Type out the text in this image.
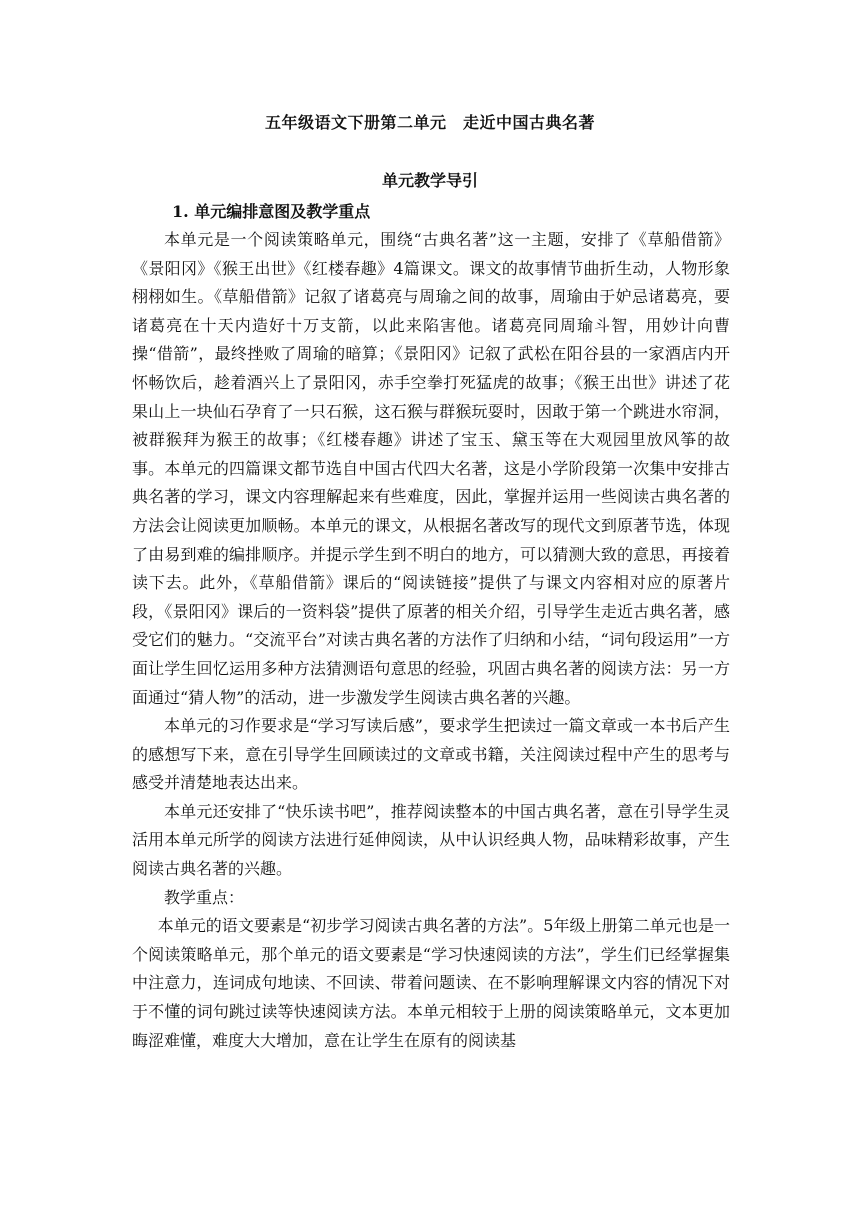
五年级语文下册第二单元　走近中国古典名著
单元教学导引
1. 单元编排意图及教学重点

本单元是一个阅读策略单元，围绕“古典名著”这一主题，安排了《草船借箭》《景阳冈》《猴王出世》《红楼春趣》4篇课文。课文的故事情节曲折生动，人物形象栩栩如生。《草船借箭》记叙了诸葛亮与周瑜之间的故事，周瑜由于妒忌诸葛亮，要诸葛亮在十天内造好十万支箭，以此来陷害他。诸葛亮同周瑜斗智，用妙计向曹操“借箭”，最终挫败了周瑜的暗算；《景阳冈》记叙了武松在阳谷县的一家酒店内开怀畅饮后，趁着酒兴上了景阳冈，赤手空拳打死猛虎的故事；《猴王出世》讲述了花果山上一块仙石孕育了一只石猴，这石猴与群猴玩耍时，因敢于第一个跳进水帘洞，被群猴拜为猴王的故事；《红楼春趣》讲述了宝玉、黛玉等在大观园里放风筝的故事。本单元的四篇课文都节选自中国古代四大名著，这是小学阶段第一次集中安排古典名著的学习，课文内容理解起来有些难度，因此，掌握并运用一些阅读古典名著的方法会让阅读更加顺畅。本单元的课文，从根据名著改写的现代文到原著节选，体现了由易到难的编排顺序。并提示学生到不明白的地方，可以猜测大致的意思，再接着读下去。此外，《草船借箭》课后的“阅读链接”提供了与课文内容相对应的原著片段，《景阳冈》课后的一资料袋”提供了原著的相关介绍，引导学生走近古典名著，感受它们的魅力。“交流平台”对读古典名著的方法作了归纳和小结，“词句段运用”一方面让学生回忆运用多种方法猜测语句意思的经验，巩固古典名著的阅读方法：另一方面通过“猜人物”的活动，进一步激发学生阅读古典名著的兴趣。

本单元的习作要求是“学习写读后感”，要求学生把读过一篇文章或一本书后产生的感想写下来，意在引导学生回顾读过的文章或书籍，关注阅读过程中产生的思考与感受并清楚地表达出来。

本单元还安排了“快乐读书吧”，推荐阅读整本的中国古典名著，意在引导学生灵活用本单元所学的阅读方法进行延伸阅读，从中认识经典人物，品味精彩故事，产生阅读古典名著的兴趣。

教学重点：

本单元的语文要素是“初步学习阅读古典名著的方法”。5年级上册第二单元也是一个阅读策略单元，那个单元的语文要素是“学习快速阅读的方法”，学生们已经掌握集中注意力，连词成句地读、不回读、带着问题读、在不影响理解课文内容的情况下对于不懂的词句跳过读等快速阅读方法。本单元相较于上册的阅读策略单元，文本更加晦涩难懂，难度大大增加，意在让学生在原有的阅读基
